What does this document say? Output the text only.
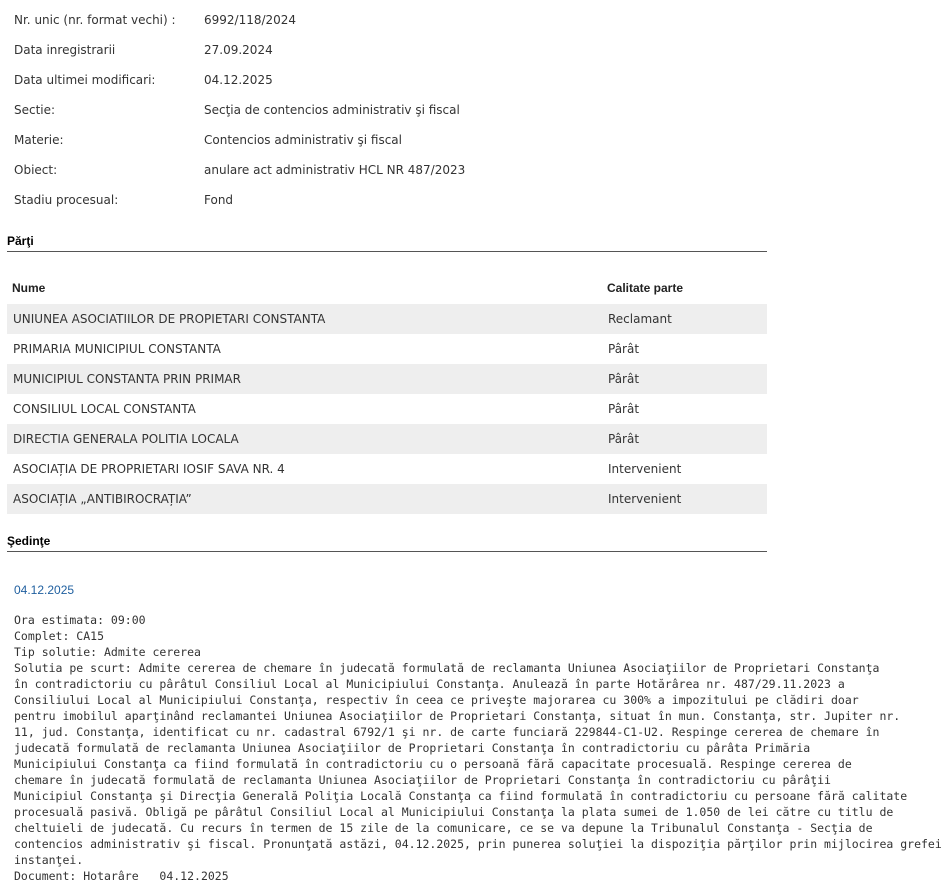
Nr. unic (nr. format vechi) : 6992/118/2024
Data inregistrarii	27.09.2024
Data ultimei modificari:	04.12.2025
Sectie:	Secţia de contencios administrativ şi fiscal
Materie:	Contencios administrativ şi fiscal
Obiect:	anulare act administrativ HCL NR 487/2023
Stadiu procesual:	Fond
Părţi
Nume	Calitate parte
UNIUNEA ASOCIATIILOR DE PROPIETARI CONSTANTA	Reclamant
PRIMARIA MUNICIPIUL CONSTANTA	Pârât
MUNICIPIUL CONSTANTA PRIN PRIMAR	Pârât
CONSILIUL LOCAL CONSTANTA	Pârât
DIRECTIA GENERALA POLITIA LOCALA	Pârât
ASOCIAȚIA DE PROPRIETARI IOSIF SAVA NR. 4	Intervenient
ASOCIAȚIA „ANTIBIROCRAȚIA”	Intervenient
Şedinţe
04.12.2025
Ora estimata: 09:00
Complet: CA15
Tip solutie: Admite cererea
Solutia pe scurt: Admite cererea de chemare în judecată formulată de reclamanta Uniunea Asociaţiilor de Proprietari Constanţa
în contradictoriu cu pârâtul Consiliul Local al Municipiului Constanţa. Anulează în parte Hotărârea nr. 487/29.11.2023 a
Consiliului Local al Municipiului Constanţa, respectiv în ceea ce priveşte majorarea cu 300% a impozitului pe clădiri doar
pentru imobilul aparţinând reclamantei Uniunea Asociaţiilor de Proprietari Constanţa, situat în mun. Constanţa, str. Jupiter nr.
11, jud. Constanţa, identificat cu nr. cadastral 6792/1 şi nr. de carte funciară 229844-C1-U2. Respinge cererea de chemare în
judecată formulată de reclamanta Uniunea Asociaţiilor de Proprietari Constanţa în contradictoriu cu pârâta Primăria
Municipiului Constanţa ca fiind formulată în contradictoriu cu o persoană fără capacitate procesuală. Respinge cererea de
chemare în judecată formulată de reclamanta Uniunea Asociaţiilor de Proprietari Constanţa în contradictoriu cu pârâţii
Municipiul Constanţa şi Direcţia Generală Poliţia Locală Constanţa ca fiind formulată în contradictoriu cu persoane fără calitate
procesuală pasivă. Obligă pe pârâtul Consiliul Local al Municipiului Constanţa la plata sumei de 1.050 de lei către cu titlu de
cheltuieli de judecată. Cu recurs în termen de 15 zile de la comunicare, ce se va depune la Tribunalul Constanţa - Secţia de
contencios administrativ şi fiscal. Pronunţată astăzi, 04.12.2025, prin punerea soluţiei la dispoziţia părţilor prin mijlocirea grefei
instanţei.
Document: Hotarâre 04.12.2025
